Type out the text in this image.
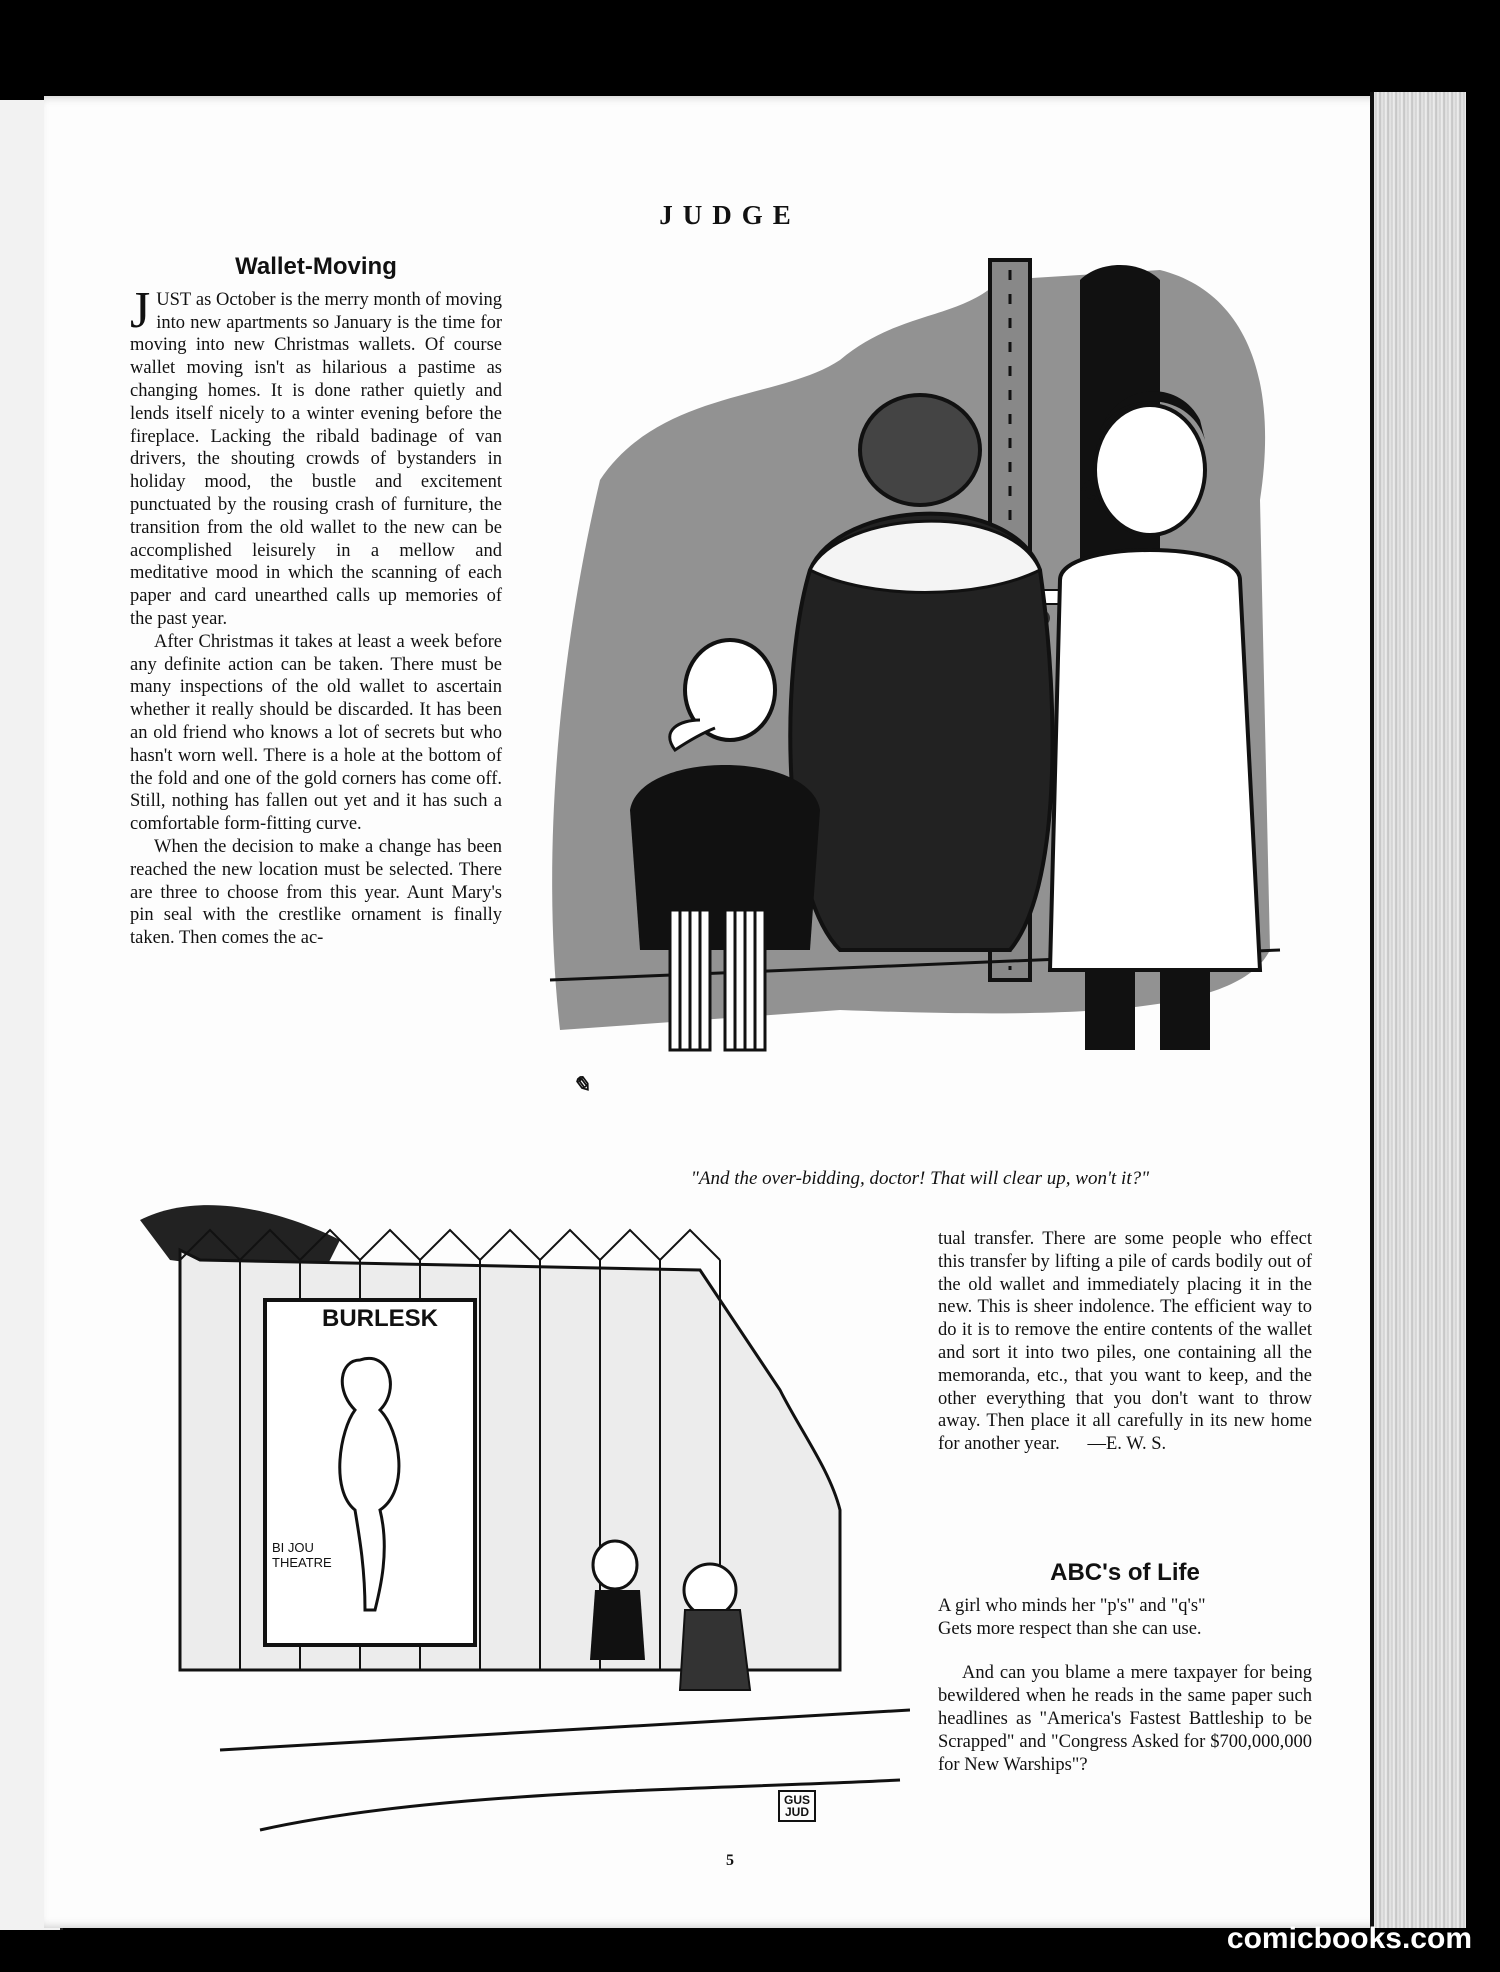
JUDGE
Wallet-Moving

JUST as October is the merry month of moving into new apartments so January is the time for moving into new Christmas wallets. Of course wallet moving isn't as hilarious a pastime as changing homes. It is done rather quietly and lends itself nicely to a winter evening before the fireplace. Lacking the ribald badinage of van drivers, the shouting crowds of bystanders in holiday mood, the bustle and excitement punctuated by the rousing crash of furniture, the transition from the old wallet to the new can be accomplished leisurely in a mellow and meditative mood in which the scanning of each paper and card unearthed calls up memories of the past year.

After Christmas it takes at least a week before any definite action can be taken. There must be many inspections of the old wallet to ascertain whether it really should be discarded. It has been an old friend who knows a lot of secrets but who hasn't worn well. There is a hole at the bottom of the fold and one of the gold corners has come off. Still, nothing has fallen out yet and it has such a comfortable form-fitting curve.

When the decision to make a change has been reached the new location must be selected. There are three to choose from this year. Aunt Mary's pin seal with the crestlike ornament is finally taken. Then comes the ac-

✎
"And the over-bidding, doctor! That will clear up, won't it?"
BURLESK
BI JOU
THEATRE
GUS
JUD

tual transfer. There are some people who effect this transfer by lifting a pile of cards bodily out of the old wallet and immediately placing it in the new. This is sheer indolence. The efficient way to do it is to remove the entire contents of the wallet and sort it into two piles, one containing all the memoranda, etc., that you want to keep, and the other everything that you don't want to throw away. Then place it all carefully in its new home for another year. —E. W. S.

ABC's of Life

A girl who minds her "p's" and "q's"
Gets more respect than she can use.

And can you blame a mere taxpayer for being bewildered when he reads in the same paper such headlines as "America's Fastest Battleship to be Scrapped" and "Congress Asked for $700,000,000 for New Warships"?

5
comicbooks.com
